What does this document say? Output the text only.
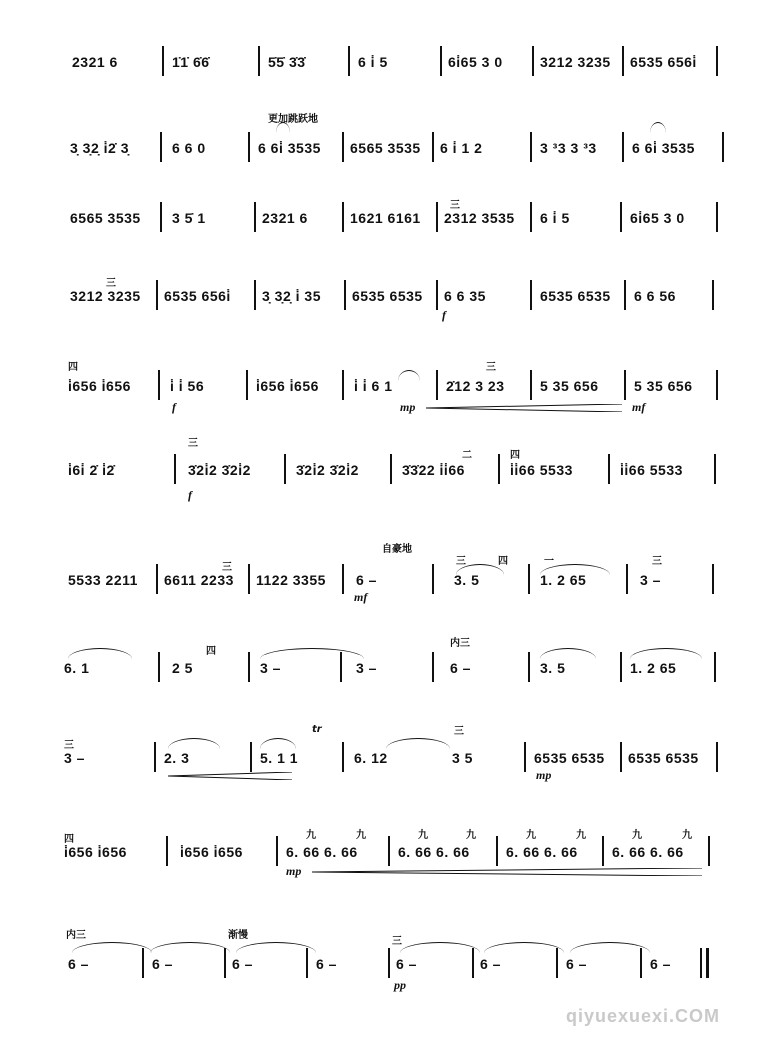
2321 6	1̇1̇ 6̇6̇	5̇5̇ 3̇3̇	6 i̇ 5	6i̇65 3 0	3212 3235 6535 656i̇
更加跳跃地
3̣ 3̣2̣ i̇2̇ 3̣	6 6 0	6 6i̇ 3535 6565 3535 6 i̇ 1 2	3 ³3 3 ³3	6 6i̇ 3535
三
6565 3535 3 5̇ 1	2321 6	1621 6161 2312 3535 6 i̇ 5	6i̇65 3 0
三
3212 3235 6535 656i̇ 3̣ 3̣2̣ i̇ 35 6535 6535 6 6 35	6535 6535 6 6 56
f
四	三
i̇656 i̇656	i̇ i̇ 56	i̇656 i̇656	i̇ i̇ 6 1	2̇12 3 23	5 35 656	5 35 656
f	mp	mf
三
二	四
i̇6i̇ 2̇ i̇2̇	3̇2i̇2 3̇2i̇2	3̇2i̇2 3̇2i̇2	3̇3̇22 i̇i̇66	i̇i̇66 5533	i̇i̇66 5533
f
自豪地
三
三	四	一	三
5533 2211 6611 2233 1122 3355 6 –	3. 5	1. 2 65	3 –
mf
四
内三
6. 1	2 5	3 –	3 –	6 –	3. 5	1. 2 65
三
三
tr
3 –	2. 3	5. 1 1	6. 12	3 5	6535 6535 6535 6535
mp
四	九	九	九	九	九	九	九	九
i̇656 i̇656	i̇656 i̇656	6. 66 6. 66	6. 66 6. 66	6. 66 6. 66 6. 66 6. 66
mp
内三	渐慢
三
6 –	6 –	6 –	6 –	6 –	6 –	6 –	6 –
pp
qiyuexuexi.COM
